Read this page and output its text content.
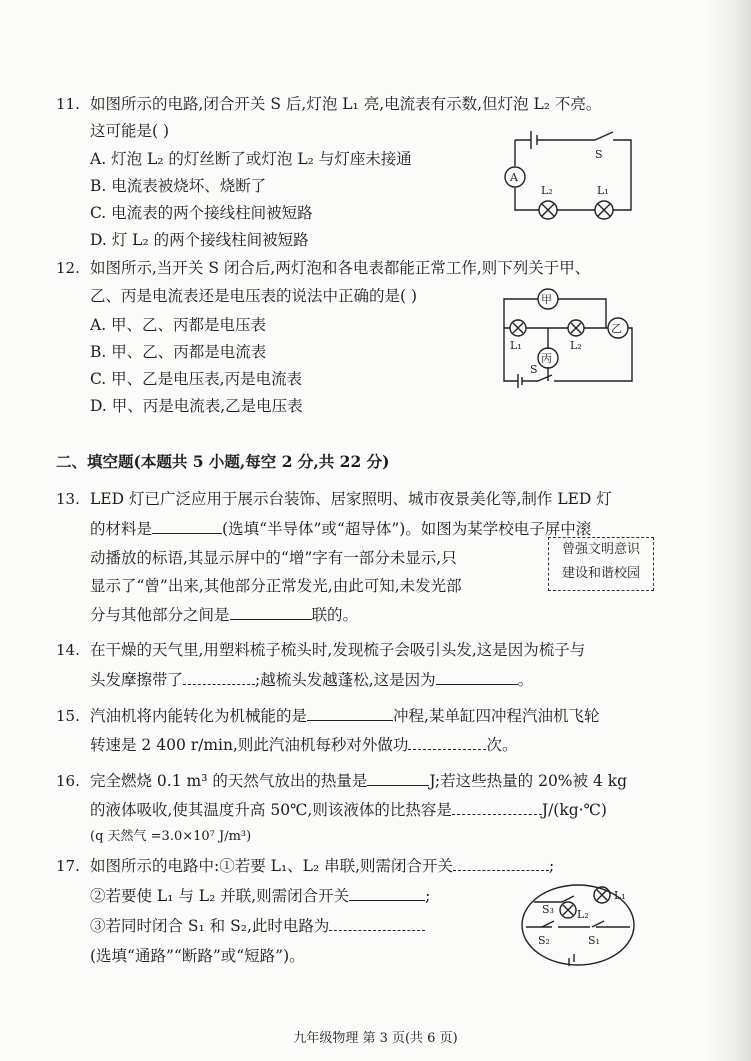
11. 如图所示的电路,闭合开关 S 后,灯泡 L₁ 亮,电流表有示数,但灯泡 L₂ 不亮。
这可能是( )
A. 灯泡 L₂ 的灯丝断了或灯泡 L₂ 与灯座未接通
B. 电流表被烧坏、烧断了
C. 电流表的两个接线柱间被短路
D. 灯 L₂ 的两个接线柱间被短路
A
S
L₂	L₁
12. 如图所示,当开关 S 闭合后,两灯泡和各电表都能正常工作,则下列关于甲、
乙、丙是电流表还是电压表的说法中正确的是( )
A. 甲、乙、丙都是电压表
B. 甲、乙、丙都是电流表
C. 甲、乙是电压表,丙是电流表
D. 甲、丙是电流表,乙是电压表
甲
乙
丙
L₁	L₂
S
二、填空题(本题共 5 小题,每空 2 分,共 22 分)
13. LED 灯已广泛应用于展示台装饰、居家照明、城市夜景美化等,制作 LED 灯
的材料是	(选填“半导体”或“超导体”)。如图为某学校电子屏中滚
动播放的标语,其显示屏中的“增”字有一部分未显示,只
显示了“曾”出来,其他部分正常发光,由此可知,未发光部
分与其他部分之间是	联的。
曾强文明意识
建设和谐校园
14. 在干燥的天气里,用塑料梳子梳头时,发现梳子会吸引头发,这是因为梳子与
头发摩擦带了	;越梳头发越蓬松,这是因为	。
15. 汽油机将内能转化为机械能的是	冲程,某单缸四冲程汽油机飞轮
转速是 2 400 r/min,则此汽油机每秒对外做功	次。
16. 完全燃烧 0.1 m³ 的天然气放出的热量是	J;若这些热量的 20%被 4 kg
的液体吸收,使其温度升高 50℃,则该液体的比热容是	J/(kg·℃)
(q 天然气 =3.0×10⁷ J/m³)
17. 如图所示的电路中:①若要 L₁、L₂ 串联,则需闭合开关	;
②若要使 L₁ 与 L₂ 并联,则需闭合开关	;
③若同时闭合 S₁ 和 S₂,此时电路为
(选填“通路”“断路”或“短路”)。
L₁
L₂
S₃
S₂	S₁
九年级物理 第 3 页(共 6 页)
